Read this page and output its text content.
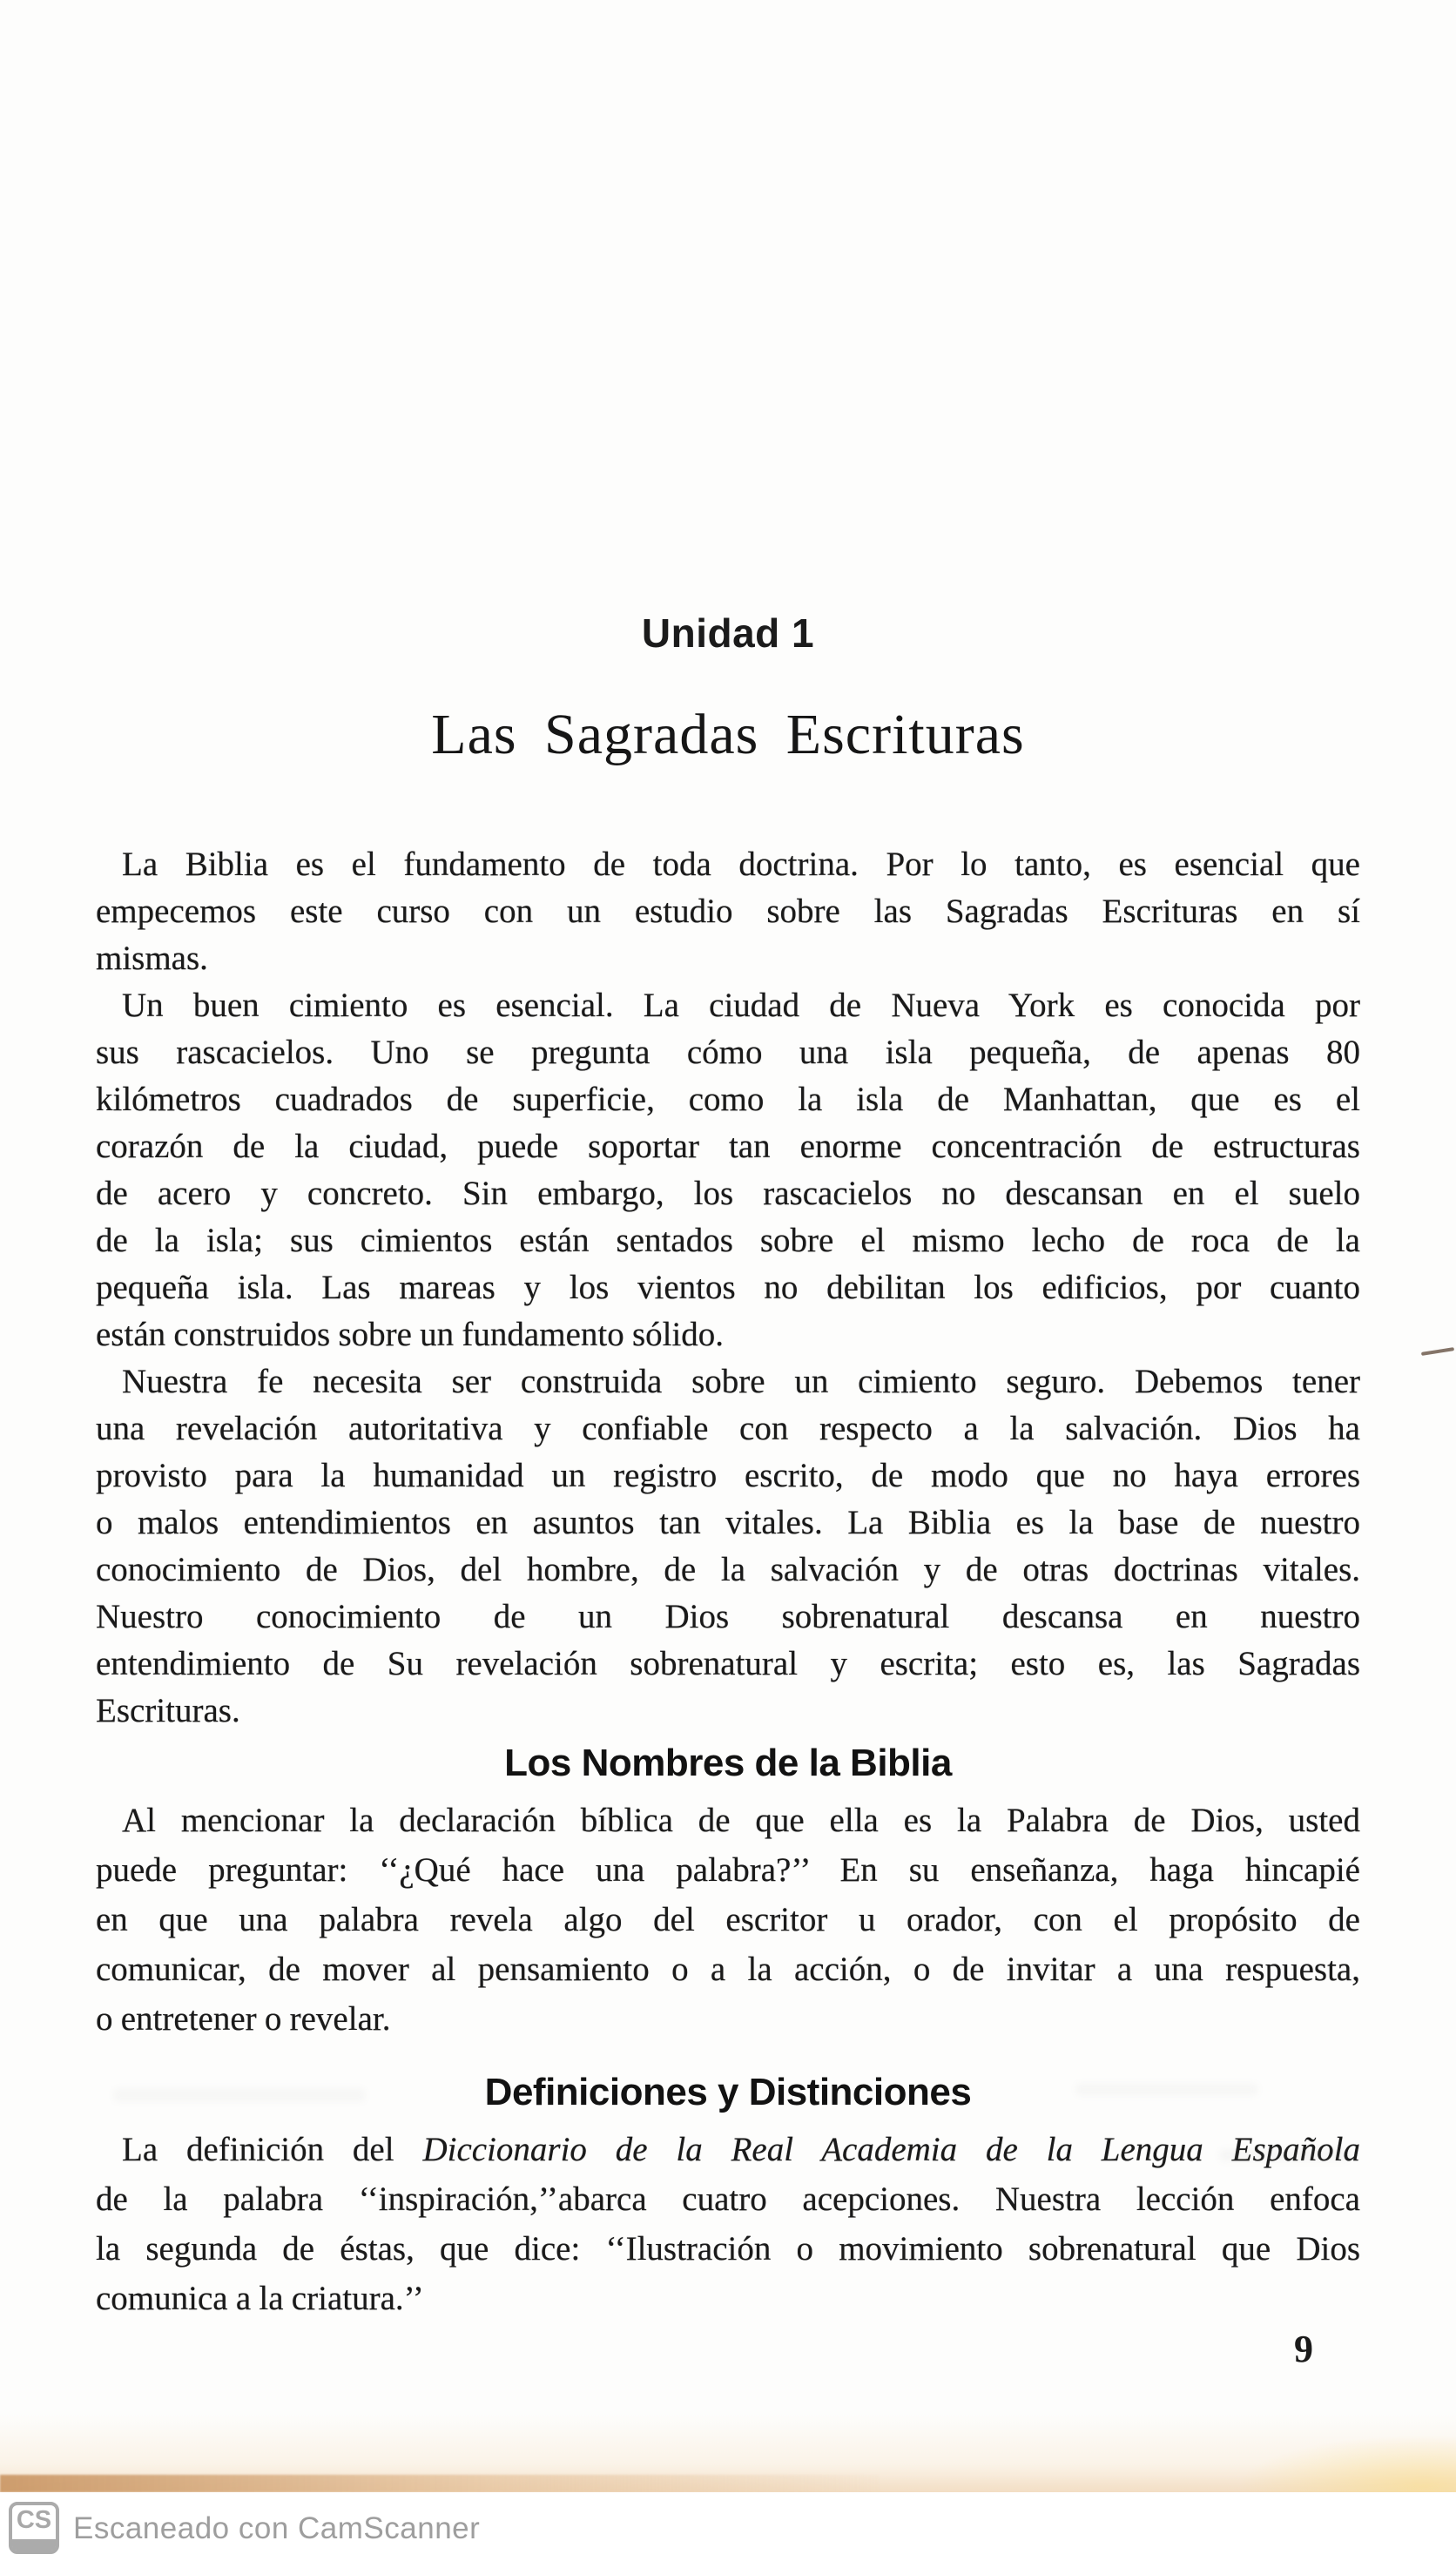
Unidad 1
Las Sagradas Escrituras
La Biblia es el fundamento de toda doctrina. Por lo tanto, es esencial que
empecemos este curso con un estudio sobre las Sagradas Escrituras en sí
mismas.
Un buen cimiento es esencial. La ciudad de Nueva York es conocida por
sus rascacielos. Uno se pregunta cómo una isla pequeña, de apenas 80
kilómetros cuadrados de superficie, como la isla de Manhattan, que es el
corazón de la ciudad, puede soportar tan enorme concentración de estructuras
de acero y concreto. Sin embargo, los rascacielos no descansan en el suelo
de la isla; sus cimientos están sentados sobre el mismo lecho de roca de la
pequeña isla. Las mareas y los vientos no debilitan los edificios, por cuanto
están construidos sobre un fundamento sólido.
Nuestra fe necesita ser construida sobre un cimiento seguro. Debemos tener
una revelación autoritativa y confiable con respecto a la salvación. Dios ha
provisto para la humanidad un registro escrito, de modo que no haya errores
o malos entendimientos en asuntos tan vitales. La Biblia es la base de nuestro
conocimiento de Dios, del hombre, de la salvación y de otras doctrinas vitales.
Nuestro conocimiento de un Dios sobrenatural descansa en nuestro
entendimiento de Su revelación sobrenatural y escrita; esto es, las Sagradas
Escrituras.
Los Nombres de la Biblia
Al mencionar la declaración bíblica de que ella es la Palabra de Dios, usted
puede preguntar: ‘‘¿Qué hace una palabra?’’ En su enseñanza, haga hincapié
en que una palabra revela algo del escritor u orador, con el propósito de
comunicar, de mover al pensamiento o a la acción, o de invitar a una respuesta,
o entretener o revelar.
Definiciones y Distinciones
La definición del Diccionario de la Real Academia de la Lengua Española
de la palabra ‘‘inspiración,’’abarca cuatro acepciones. Nuestra lección enfoca
la segunda de éstas, que dice: ‘‘Ilustración o movimiento sobrenatural que Dios
comunica a la criatura.’’
9
CS Escaneado con CamScanner
